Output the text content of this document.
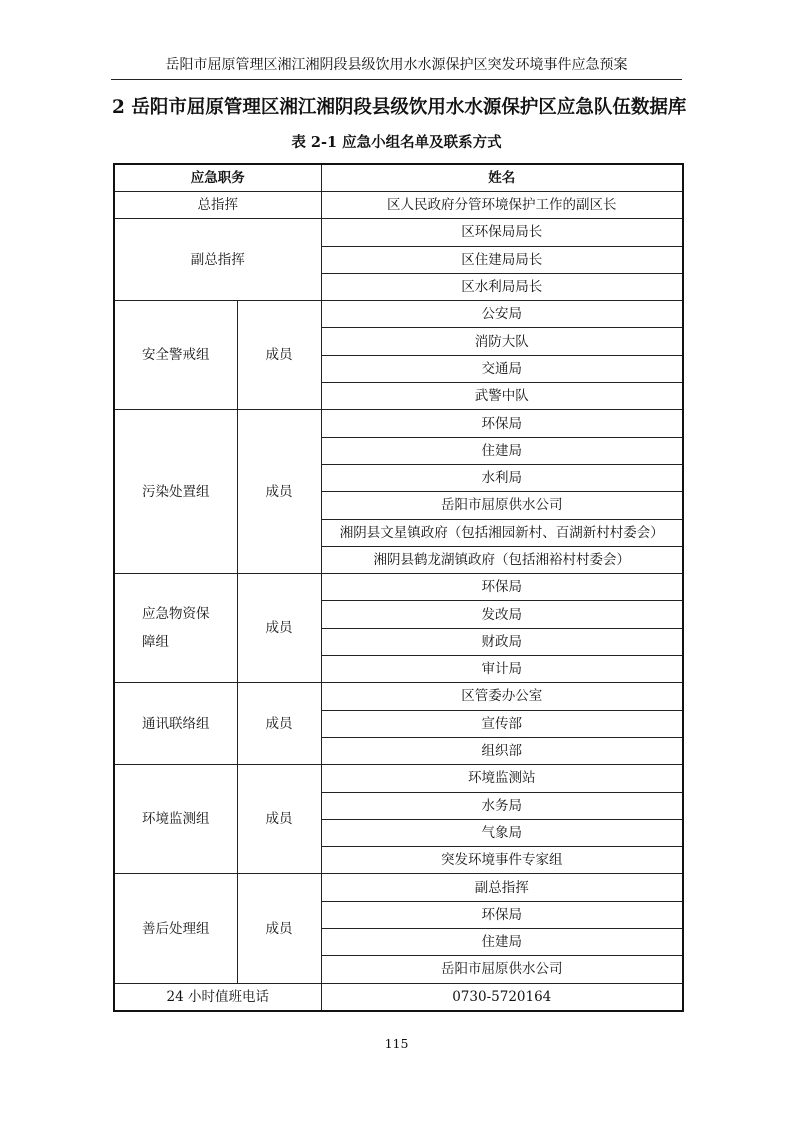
岳阳市屈原管理区湘江湘阴段县级饮用水水源保护区突发环境事件应急预案
2 岳阳市屈原管理区湘江湘阴段县级饮用水水源保护区应急队伍数据库
表 2-1 应急小组名单及联系方式
应急职务		姓名
总指挥		区人民政府分管环境保护工作的副区长
副总指挥		区环保局局长
		区住建局局长
		区水利局局长
安全警戒组	成员	公安局
		消防大队
		交通局
		武警中队
污染处置组	成员	环保局
		住建局
		水利局
		岳阳市屈原供水公司
		湘阴县文星镇政府（包括湘园新村、百湖新村村委会）
		湘阴县鹤龙湖镇政府（包括湘裕村村委会）
应急物资保
障组	成员	环保局
		发改局
		财政局
		审计局
通讯联络组	成员	区管委办公室
		宣传部
		组织部
环境监测组	成员	环境监测站
		水务局
		气象局
		突发环境事件专家组
善后处理组	成员	副总指挥
		环保局
		住建局
		岳阳市屈原供水公司
24 小时值班电话		0730-5720164
115
